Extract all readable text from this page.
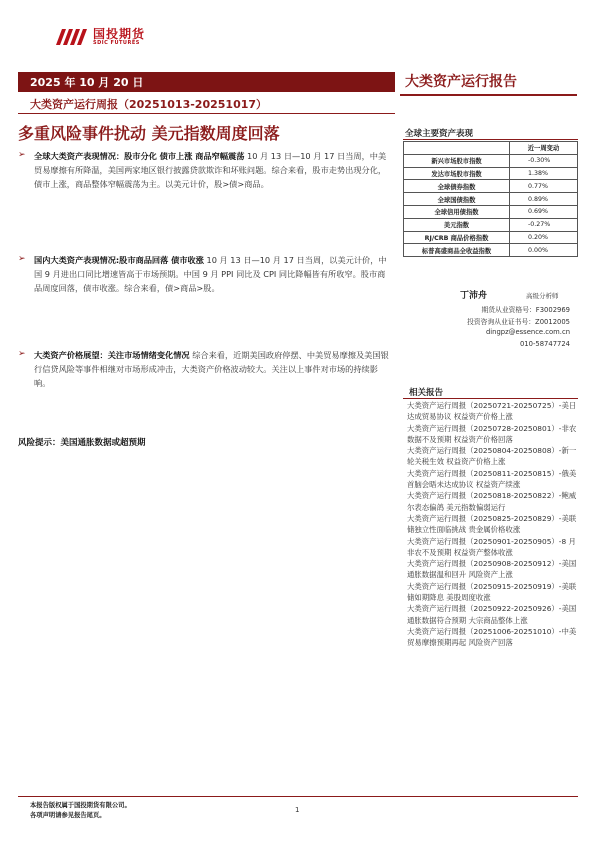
国投期货
SDIC FUTURES
2025 年 10 月 20 日
大类资产运行周报（20251013-20251017）
大类资产运行报告
多重风险事件扰动 美元指数周度回落
➢ 全球大类资产表现情况：股市分化 债市上涨 商品窄幅震荡 10 月 13 日—10 月 17 日当周，中美贸易摩擦有所降温，美国两家地区银行披露贷款欺诈和坏账问题。综合来看，股市走势出现分化，债市上涨，商品整体窄幅震荡为主。以美元计价，股>债>商品。

➢ 国内大类资产表现情况:股市商品回落 债市收涨 10 月 13 日—10 月 17 日当周，以美元计价，中国 9 月进出口同比增速皆高于市场预期。中国 9 月 PPI 同比及 CPI 同比降幅皆有所收窄。股市商品周度回落，债市收涨。综合来看，债>商品>股。

➢ 大类资产价格展望：关注市场情绪变化情况 综合来看，近期美国政府停摆、中美贸易摩擦及美国银行信贷风险等事件相继对市场形成冲击，大类资产价格波动较大。关注以上事件对市场的持续影响。

风险提示：美国通胀数据或超预期
全球主要资产表现
	近一周变动
新兴市场股市指数	-0.30%
发达市场股市指数	1.38%
全球债券指数	0.77%
全球国债指数	0.89%
全球信用债指数	0.69%
美元指数	-0.27%
RJ/CRB 商品价格指数	0.20%
标普高盛商品全收益指数	0.00%
丁沛舟	高级分析师
期货从业资格号：F3002969
投资咨询从业证书号：Z0012005
dingpz@essence.com.cn
010-58747724
相关报告
大类资产运行周报（20250721-20250725）-美日达成贸易协议 权益资产价格上涨
大类资产运行周报（20250728-20250801）-非农数据不及预期 权益资产价格回落
大类资产运行周报（20250804-20250808）-新一轮关税生效 权益资产价格上涨
大类资产运行周报（20250811-20250815）-俄美首脑会晤未达成协议 权益资产续涨
大类资产运行周报（20250818-20250822）-鲍威尔表态偏鸽 美元指数偏弱运行
大类资产运行周报（20250825-20250829）-美联储独立性面临挑战 贵金属价格收涨
大类资产运行周报（20250901-20250905）-8 月非农不及预期 权益资产整体收涨
大类资产运行周报（20250908-20250912）-美国通胀数据温和回升 风险资产上涨
大类资产运行周报（20250915-20250919）-美联储如期降息 美股周度收涨
大类资产运行周报（20250922-20250926）-美国通胀数据符合预期 大宗商品整体上涨
大类资产运行周报（20251006-20251010）-中美贸易摩擦预期再起 风险资产回落
本报告版权属于国投期货有限公司。
各项声明请参见报告尾页。
1
